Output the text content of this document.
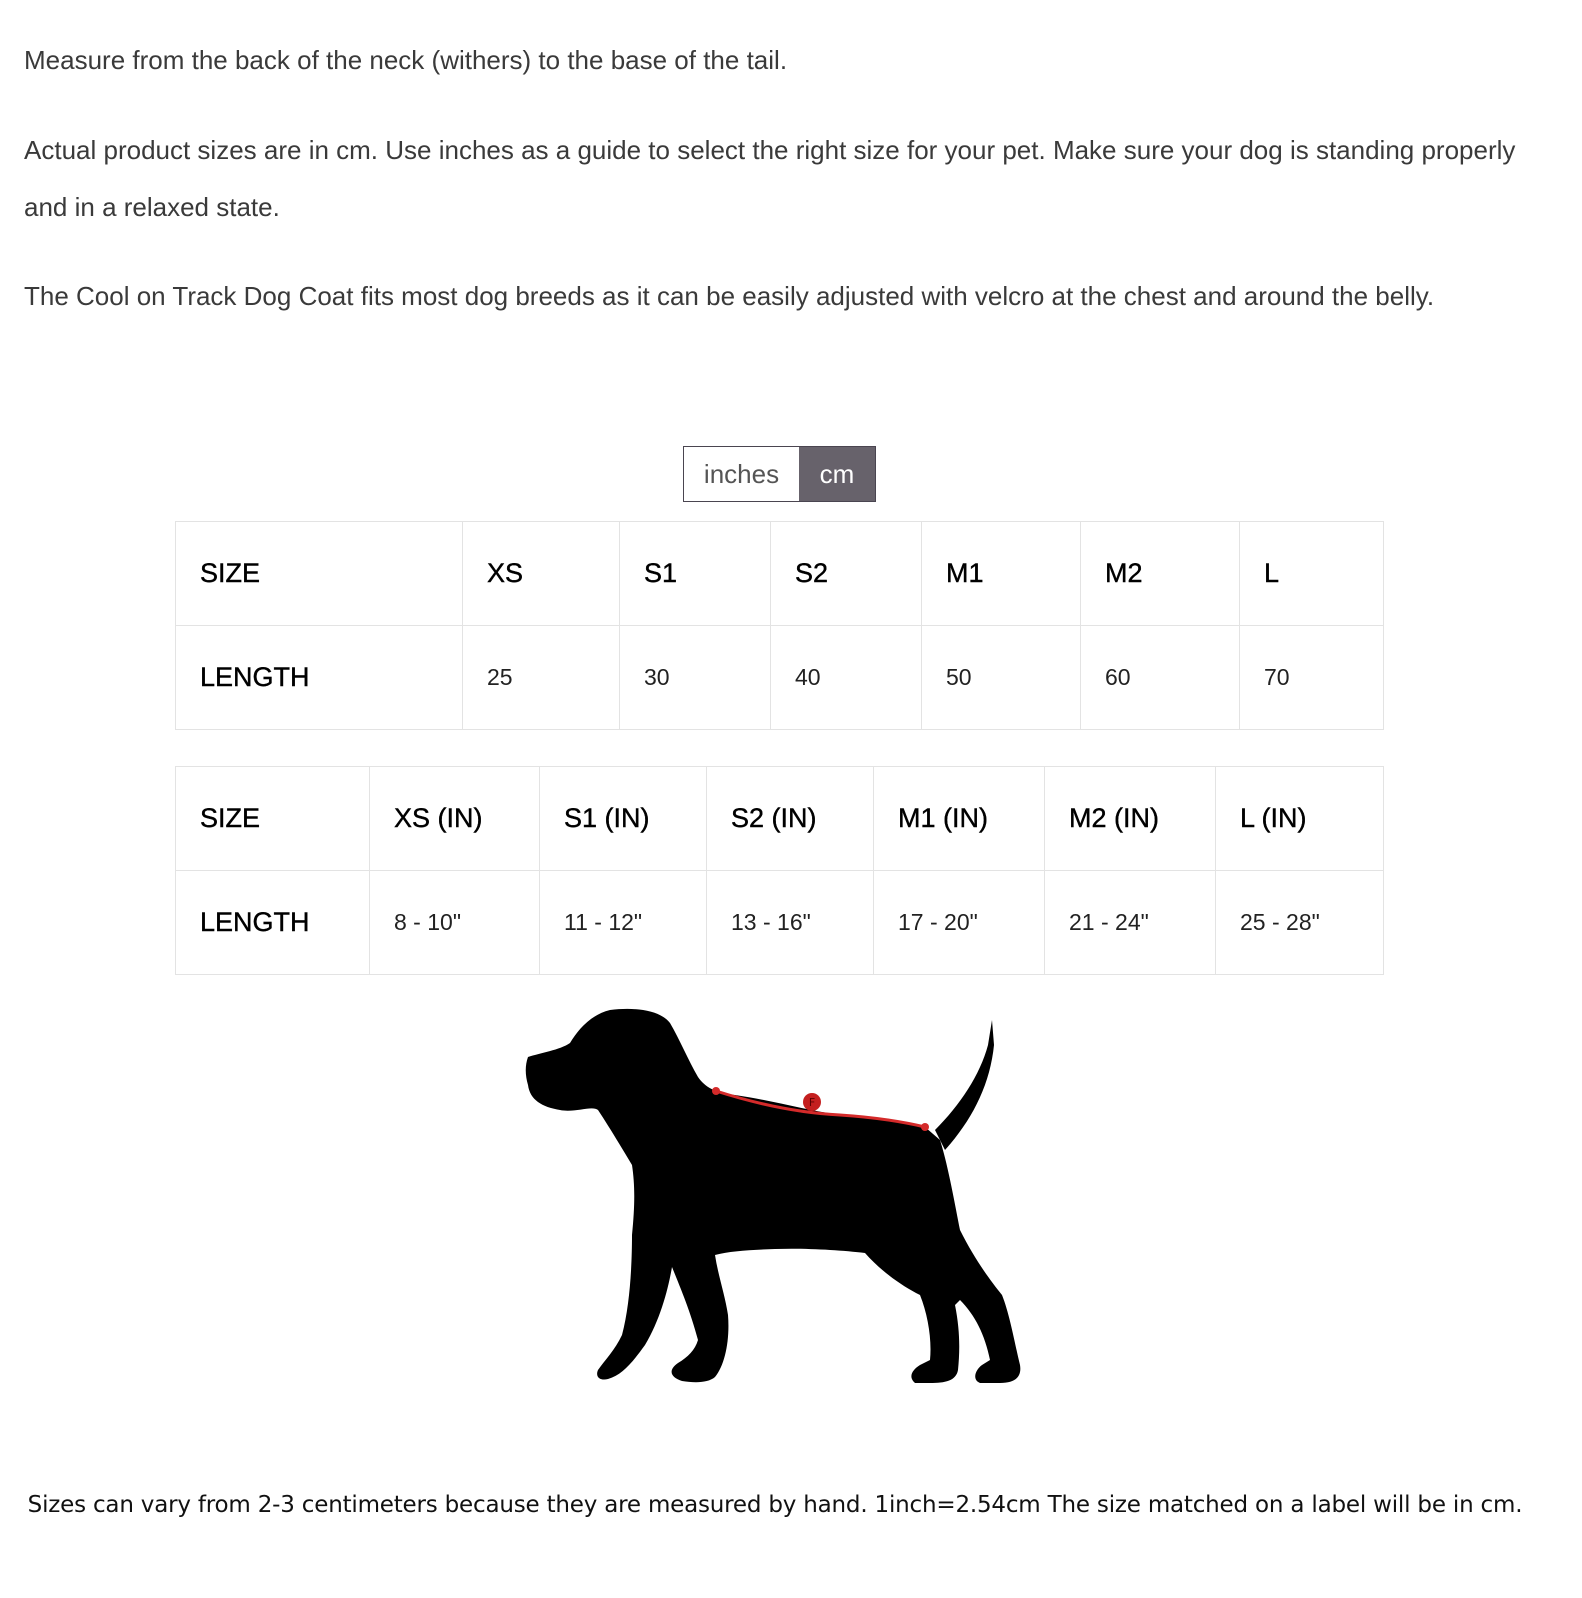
Measure from the back of the neck (withers) to the base of the tail.

Actual product sizes are in cm. Use inches as a guide to select the right size for your pet. Make sure your dog is standing properly and in a relaxed state.

The Cool on Track Dog Coat fits most dog breeds as it can be easily adjusted with velcro at the chest and around the belly.

inches	cm
SIZE	XS	S1	S2	M1	M2	L
LENGTH	25	30	40	50	60	70
SIZE	XS (IN)	S1 (IN)	S2 (IN)	M1 (IN)	M2 (IN)	L (IN)
LENGTH	8 - 10"	11 - 12"	13 - 16"	17 - 20"	21 - 24"	25 - 28"
F

Sizes can vary from 2-3 centimeters because they are measured by hand. 1inch=2.54cm The size matched on a label will be in cm.
